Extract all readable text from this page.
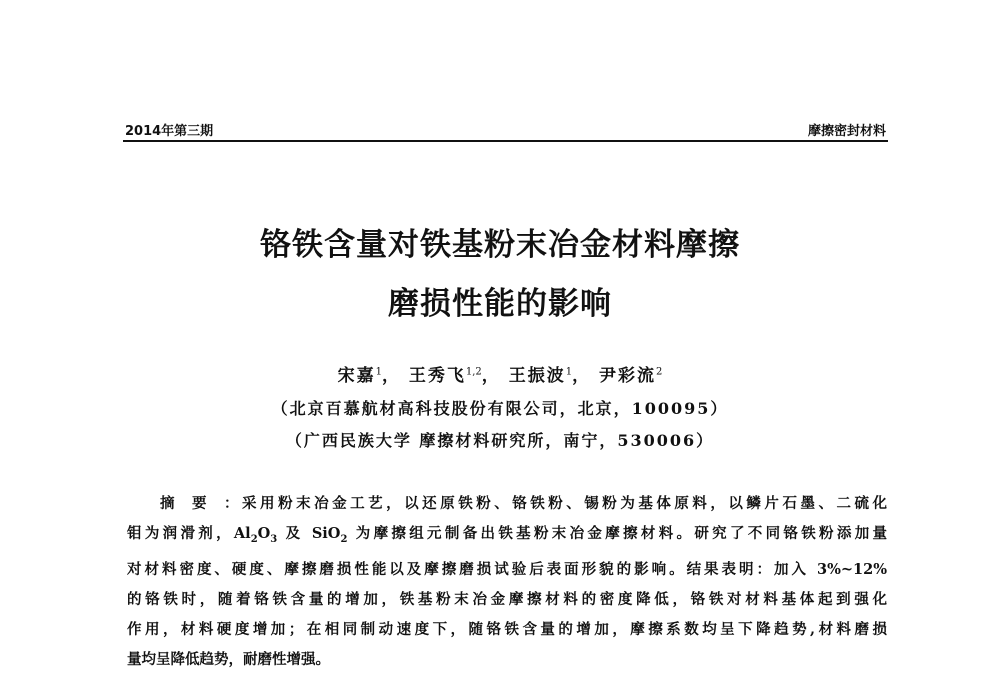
2014年第三期	摩擦密封材料
铬铁含量对铁基粉末冶金材料摩擦
磨损性能的影响
宋嘉$^1$， 王秀飞$^{1,2}$， 王振波$^1$， 尹彩流$^2$
（北京百慕航材高科技股份有限公司，北京，100095）
（广西民族大学 摩擦材料研究所，南宁，530006）
摘要：采用粉末冶金工艺，以还原铁粉、铬铁粉、锡粉为基体原料，以鳞片石墨、二硫化
钼为润滑剂，$Al_2O_3$ 及 SiO$_2$ 为摩擦组元制备出铁基粉末冶金摩擦材料。研究了不同铬铁粉添加量
对材料密度、硬度、摩擦磨损性能以及摩擦磨损试验后表面形貌的影响。结果表明：加入 3%~12%
的铬铁时，随着铬铁含量的增加，铁基粉末冶金摩擦材料的密度降低，铬铁对材料基体起到强化
作用，材料硬度增加；在相同制动速度下，随铬铁含量的增加，摩擦系数均呈下降趋势,材料磨损
量均呈降低趋势，耐磨性增强。
